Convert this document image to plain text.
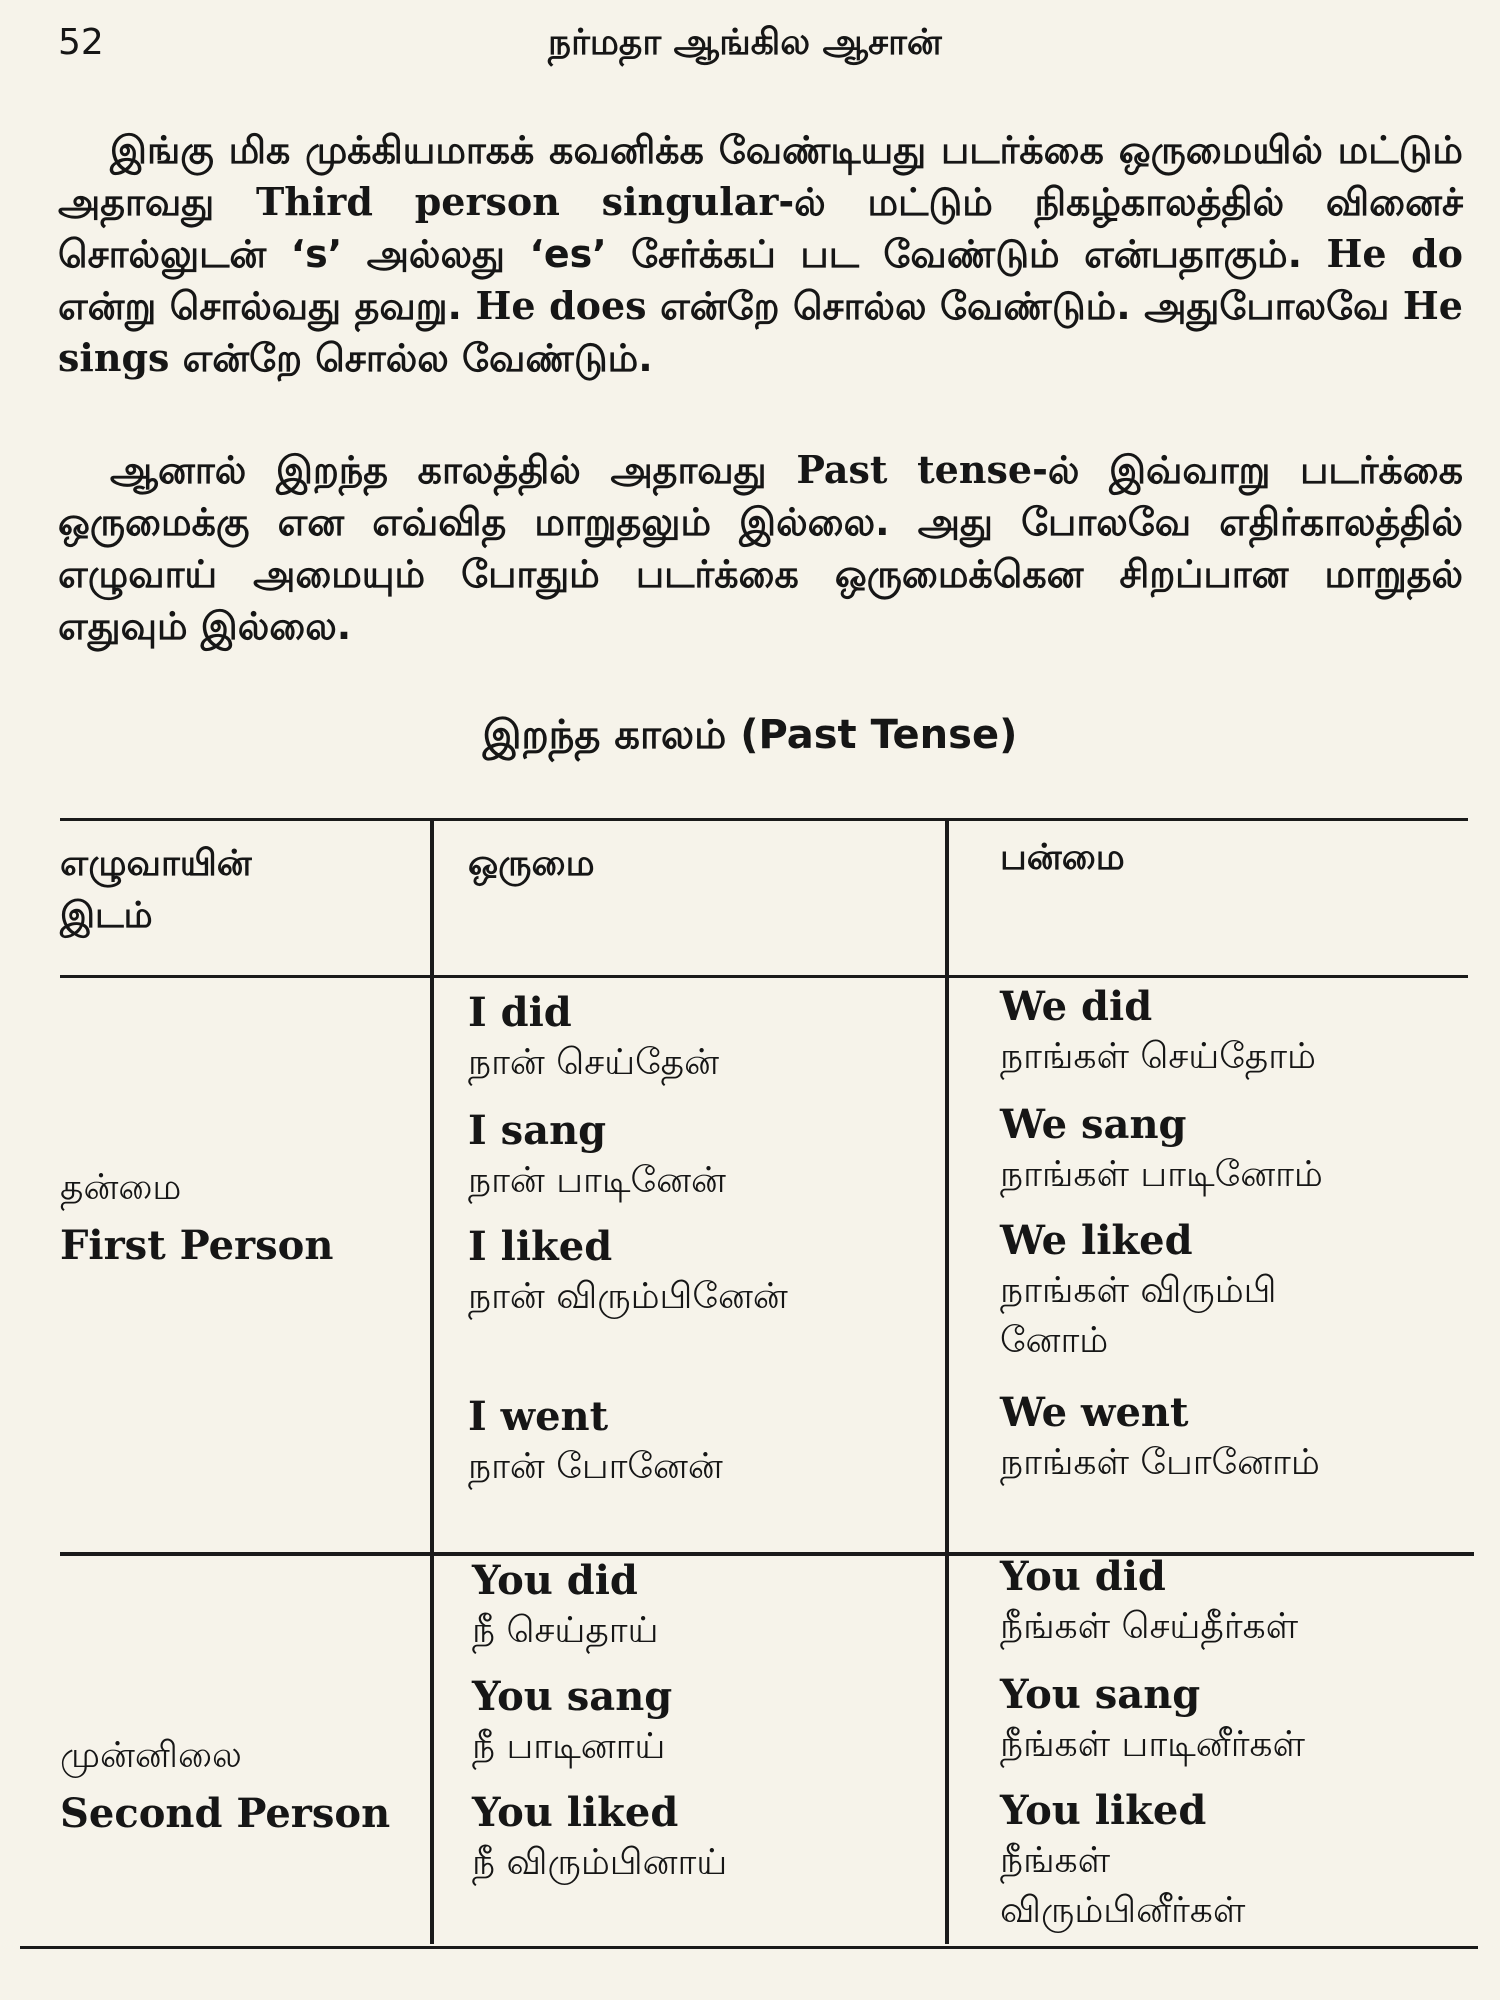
52	நர்மதா ஆங்கில ஆசான்

இங்கு மிக முக்கியமாகக் கவனிக்க வேண்டியது படர்க்கை ஒருமையில் மட்டும் அதாவது Third person singular-ல் மட்டும் நிகழ்காலத்தில் வினைச் சொல்லுடன் ‘s’ அல்லது ‘es’ சேர்க்கப் பட வேண்டும் என்பதாகும். He do என்று சொல்வது தவறு. He does என்றே சொல்ல வேண்டும். அதுபோலவே He sings என்றே சொல்ல வேண்டும்.

ஆனால் இறந்த காலத்தில் அதாவது Past tense-ல் இவ்வாறு படர்க்கை ஒருமைக்கு என எவ்வித மாறுதலும் இல்லை. அது போலவே எதிர்காலத்தில் எழுவாய் அமையும் போதும் படர்க்கை ஒருமைக்கென சிறப்பான மாறுதல் எதுவும் இல்லை.

இறந்த காலம் (Past Tense)
எழுவாயின்
இடம்
ஒருமை	பன்மை
தன்மை
First Person
I did
நான் செய்தேன்
I sang
நான் பாடினேன்
I liked
நான் விரும்பினேன்
I went
நான் போனேன்
We did
நாங்கள் செய்தோம்
We sang
நாங்கள் பாடினோம்
We liked
நாங்கள் விரும்பி
னோம்
We went
நாங்கள் போனோம்
முன்னிலை
Second Person
You did
நீ செய்தாய்
You sang
நீ பாடினாய்
You liked
நீ விரும்பினாய்
You did
நீங்கள் செய்தீர்கள்
You sang
நீங்கள் பாடினீர்கள்
You liked
நீங்கள்
விரும்பினீர்கள்
